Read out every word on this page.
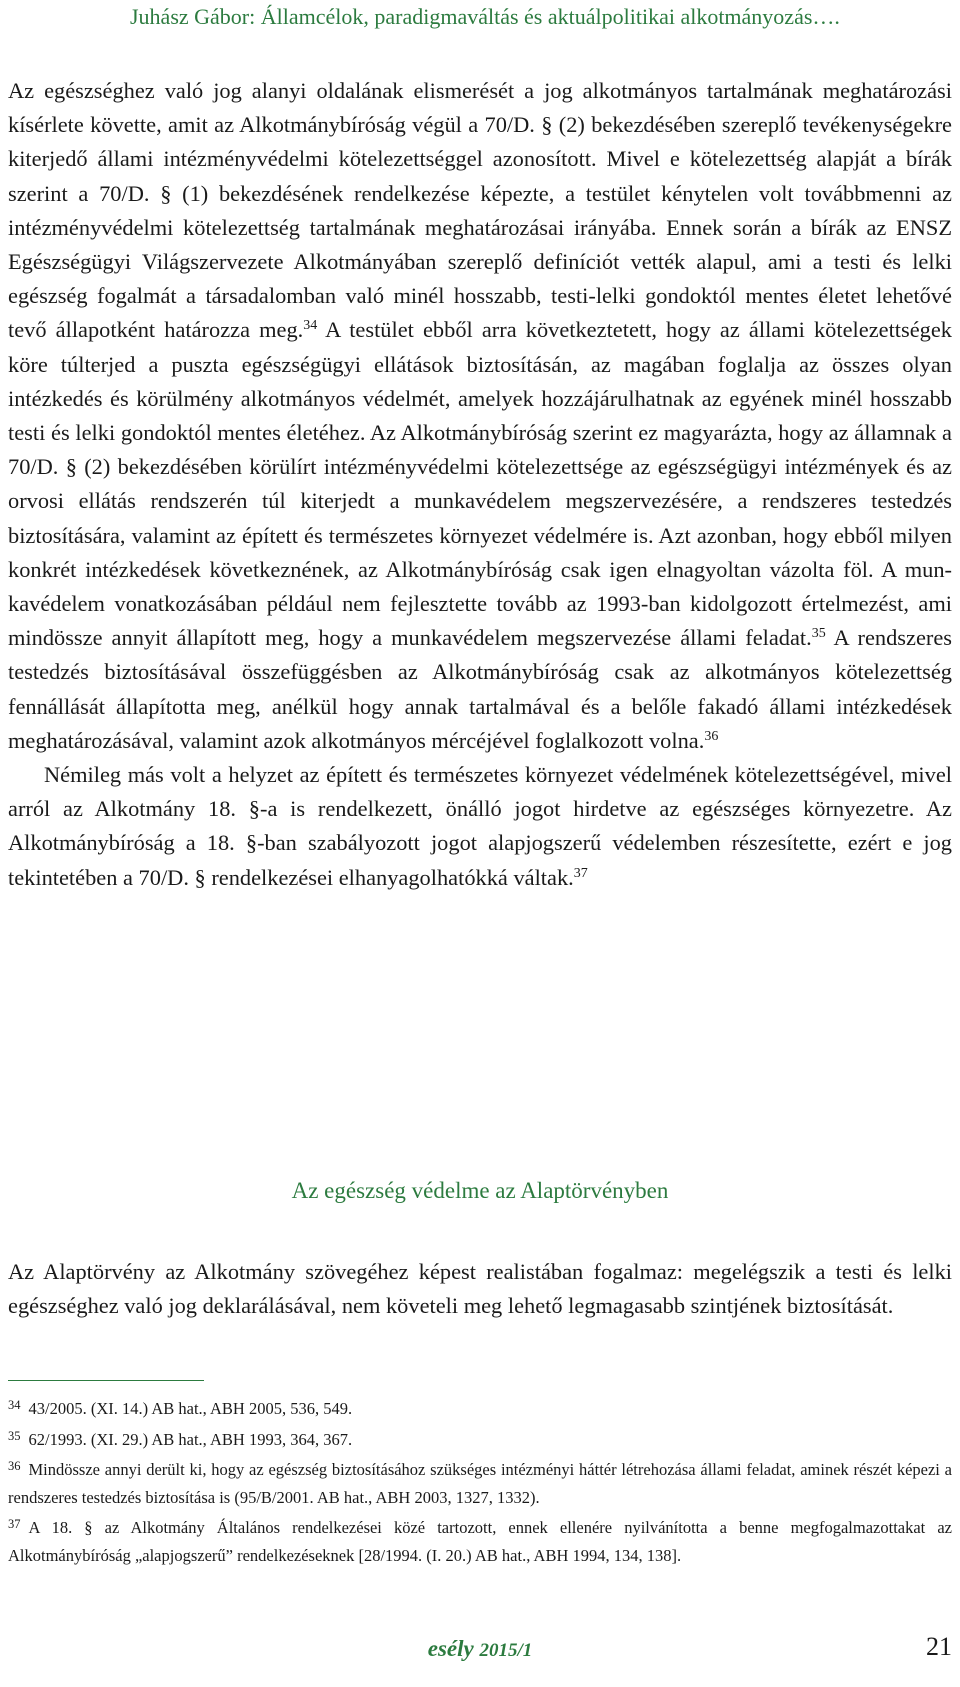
Juhász Gábor: Államcélok, paradigmaváltás és aktuálpolitikai alkotmányozás….

Az egészséghez való jog alanyi oldalának elismerését a jog alkotmányos tartalmának meghatározási kísérlete követte, amit az Alkotmánybíróság végül a 70/D. § (2) bekezdésében szereplő tevékenységekre kiterjedő állami intézményvédelmi kötelezettséggel azonosított. Mivel e kötelezettség alapját a bírák szerint a 70/D. § (1) bekezdésének rendelkezése képezte, a testület kénytelen volt továbbmenni az intézményvédelmi kötelezettség tartalmának meghatározásai irányába. Ennek során a bírák az ENSZ Egészségügyi Világszervezete Alkotmányában szereplő definíciót vették alapul, ami a testi és lelki egészség fogalmát a társadalomban való minél hosszabb, testi-lelki gondoktól mentes életet lehetővé tevő állapotként határozza meg.$^{34}$ A testület ebből arra következtetett, hogy az állami kötelezettségek köre túlterjed a puszta egészségügyi ellátások biztosításán, az magában foglalja az összes olyan intézkedés és körülmény alkotmányos védelmét, amelyek hozzájárulhatnak az egyének minél hosszabb testi és lelki gondoktól mentes életéhez. Az Alkotmánybíróság szerint ez magyarázta, hogy az államnak a 70/D. § (2) bekezdésében körülírt intézményvédelmi kötelezettsége az egészségügyi intézmények és az orvosi ellátás rendszerén túl kiterjedt a munkavédelem megszervezésére, a rendszeres testedzés biztosítására, valamint az épített és természetes környezet védelmére is. Azt azonban, hogy ebből milyen konkrét intézkedések következnének, az Alkotmánybíróság csak igen elnagyoltan vázolta föl. A munkavédelem vonatkozásában például nem fejlesztette tovább az 1993-ban kidolgozott értelmezést, ami mindössze annyit állapított meg, hogy a munkavédelem megszervezése állami feladat.$^{35}$ A rendszeres testedzés biztosításával összefüggésben az Alkotmánybíróság csak az alkotmányos kötelezettség fennállását állapította meg, anélkül hogy annak tartalmával és a belőle fakadó állami intézkedések meghatározásával, valamint azok alkotmányos mércéjével foglalkozott volna.$^{36}$

Némileg más volt a helyzet az épített és természetes környezet védelmének kötelezettségével, mivel arról az Alkotmány 18. §-a is rendelkezett, önálló jogot hirdetve az egészséges környezetre. Az Alkotmánybíróság a 18. §-ban szabályozott jogot alapjogszerű védelemben részesítette, ezért e jog tekintetében a 70/D. § rendelkezései elhanyagolhatókká váltak.$^{37}$

Az egészség védelme az Alaptörvényben

Az Alaptörvény az Alkotmány szövegéhez képest realistában fogalmaz: megelégszik a testi és lelki egészséghez való jog deklarálásával, nem követeli meg lehető legmagasabb szintjének biztosítását.

$^{34}$ 43/2005. (XI. 14.) AB hat., ABH 2005, 536, 549.

$^{35}$ 62/1993. (XI. 29.) AB hat., ABH 1993, 364, 367.

$^{36}$ Mindössze annyi derült ki, hogy az egészség biztosításához szükséges intézményi háttér létrehozása állami feladat, aminek részét képezi a rendszeres testedzés biztosítása is (95/B/2001. AB hat., ABH 2003, 1327, 1332).

$^{37}$ A 18. § az Alkotmány Általános rendelkezései közé tartozott, ennek ellenére nyilvánította a benne megfogalmazottakat az Alkotmánybíróság „alapjogszerű” rendelkezéseknek [28/1994. (I. 20.) AB hat., ABH 1994, 134, 138].

esély 2015/1	21
